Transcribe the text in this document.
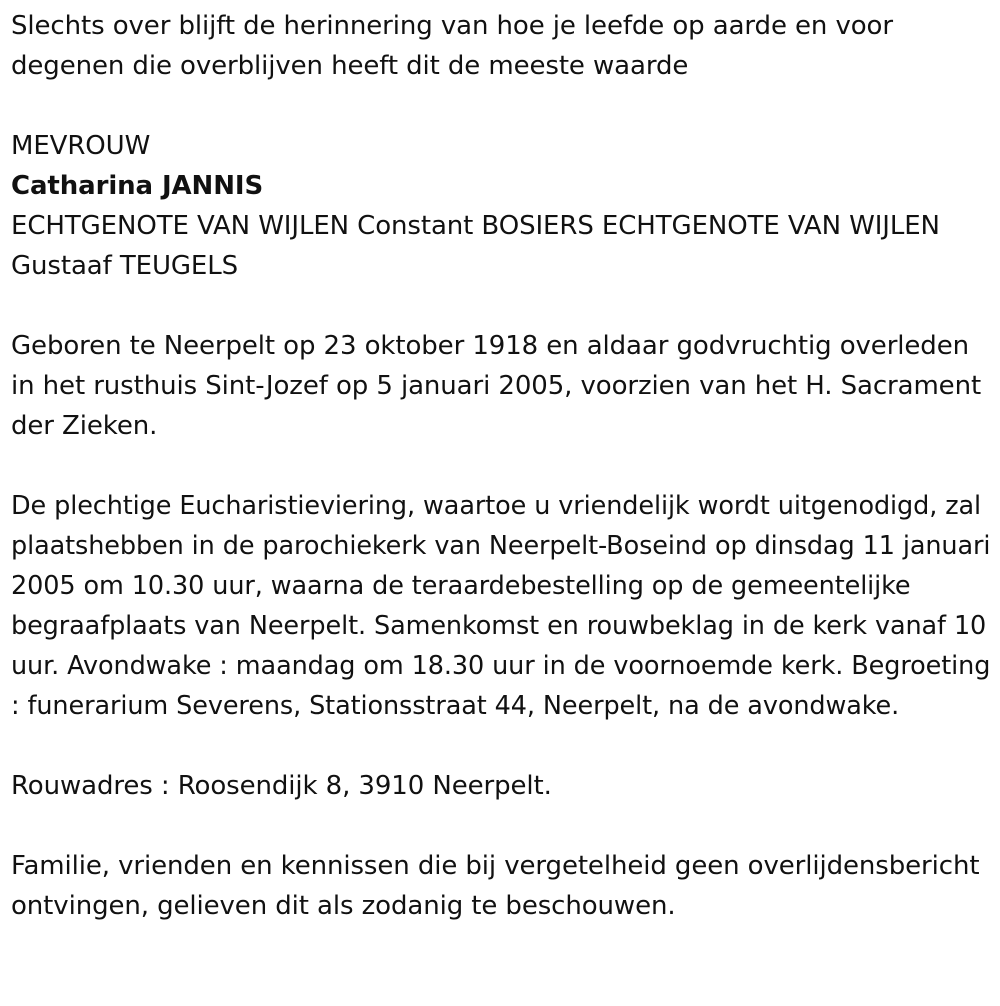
Slechts over blijft de herinnering van hoe je leefde op aarde en voor degenen die overblijven heeft dit de meeste waarde

MEVROUW

Catharina JANNIS

ECHTGENOTE VAN WIJLEN Constant BOSIERS ECHTGENOTE VAN WIJLEN Gustaaf TEUGELS

Geboren te Neerpelt op 23 oktober 1918 en aldaar godvruchtig overleden in het rusthuis Sint-Jozef op 5 januari 2005, voorzien van het H. Sacrament der Zieken.

De plechtige Eucharistieviering, waartoe u vriendelijk wordt uitgenodigd, zal plaatshebben in de parochiekerk van Neerpelt-Boseind op dinsdag 11 januari 2005 om 10.30 uur, waarna de teraardebestelling op de gemeentelijke begraafplaats van Neerpelt. Samenkomst en rouwbeklag in de kerk vanaf 10 uur. Avondwake : maandag om 18.30 uur in de voornoemde kerk. Begroeting : funerarium Severens, Stationsstraat 44, Neerpelt, na de avondwake.

Rouwadres : Roosendijk 8, 3910 Neerpelt.

Familie, vrienden en kennissen die bij vergetelheid geen overlijdensbericht ontvingen, gelieven dit als zodanig te beschouwen.
